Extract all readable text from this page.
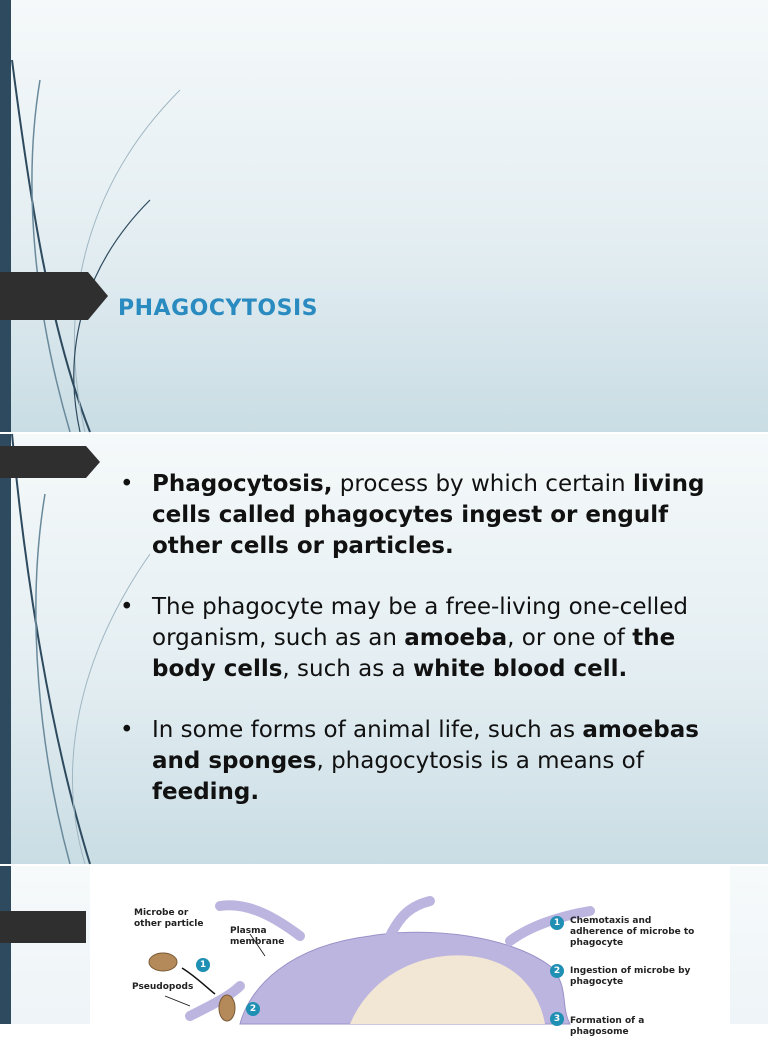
PHAGOCYTOSIS
• Phagocytosis, process by which certain living cells called phagocytes ingest or engulf other cells or particles.
• The phagocyte may be a free-living one-celled organism, such as an amoeba, or one of the body cells, such as a white blood cell.
• In some forms of animal life, such as amoebas and sponges, phagocytosis is a means of feeding.
Microbe or other particle
Plasma membrane
Pseudopods
1
2
1	Chemotaxis and adherence of microbe to phagocyte
2	Ingestion of microbe by phagocyte
3	Formation of a phagosome
